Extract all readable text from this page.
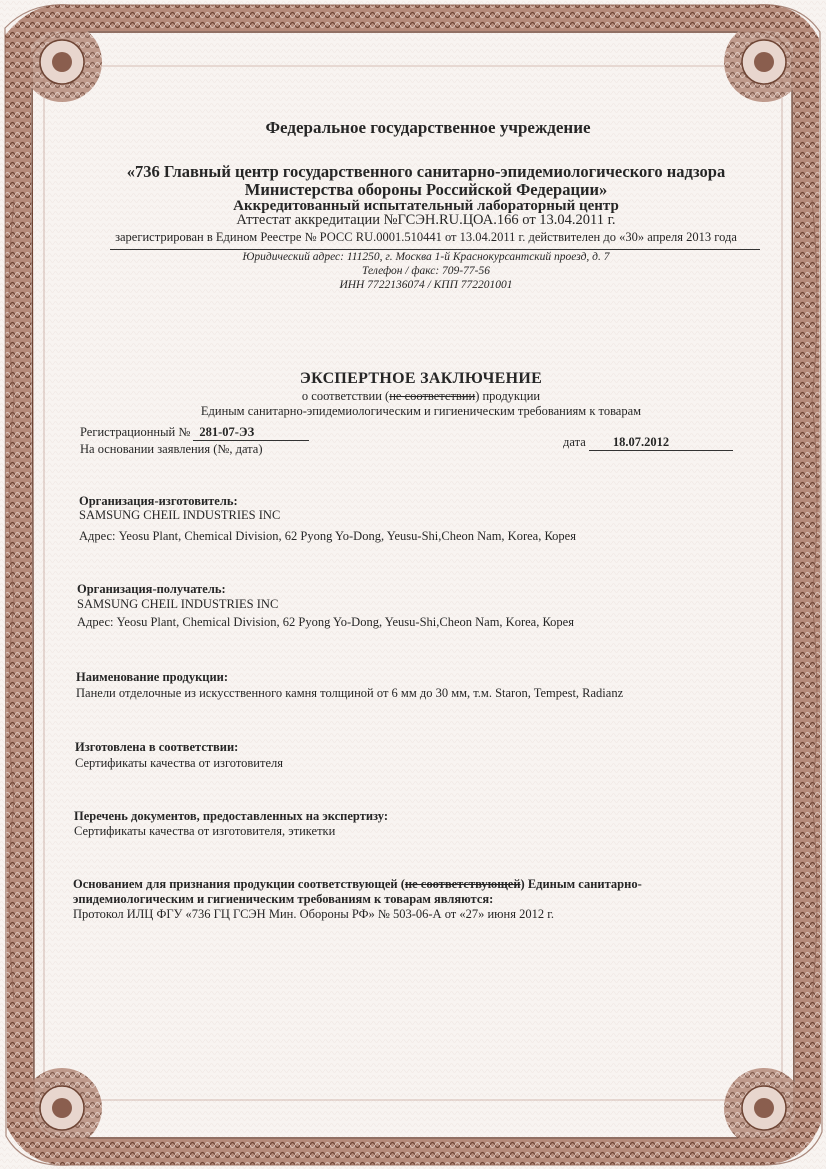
Федеральное государственное учреждение
«736 Главный центр государственного санитарно-эпидемиологического надзора
Министерства обороны Российской Федерации»
Аккредитованный испытательный лабораторный центр
Аттестат аккредитации №ГСЭН.RU.ЦОА.166 от 13.04.2011 г.
зарегистрирован в Едином Реестре № РОСС RU.0001.510441 от 13.04.2011 г. действителен до «30» апреля 2013 года
Юридический адрес: 111250, г. Москва 1-й Краснокурсантский проезд, д. 7
Телефон / факс: 709-77-56
ИНН 7722136074 / КПП 772201001
ЭКСПЕРТНОЕ ЗАКЛЮЧЕНИЕ
о соответствии (не соответствии) продукции
Единым санитарно-эпидемиологическим и гигиеническим требованиям к товарам
Регистрационный № 281-07-ЭЗ
дата 18.07.2012
На основании заявления (№, дата)
Организация-изготовитель:
SAMSUNG CHEIL INDUSTRIES INC
Адрес: Yeosu Plant, Chemical Division, 62 Pyong Yo-Dong, Yeusu-Shi,Cheon Nam, Korea, Корея
Организация-получатель:
SAMSUNG CHEIL INDUSTRIES INC
Адрес: Yeosu Plant, Chemical Division, 62 Pyong Yo-Dong, Yeusu-Shi,Cheon Nam, Korea, Корея
Наименование продукции:
Панели отделочные из искусственного камня толщиной от 6 мм до 30 мм, т.м. Staron, Tempest, Radianz
Изготовлена в соответствии:
Сертификаты качества от изготовителя
Перечень документов, предоставленных на экспертизу:
Сертификаты качества от изготовителя, этикетки
Основанием для признания продукции соответствующей (не соответствующей) Единым санитарно-
эпидемиологическим и гигиеническим требованиям к товарам являются:
Протокол ИЛЦ ФГУ «736 ГЦ ГСЭН Мин. Обороны РФ» № 503-06-А от «27» июня 2012 г.
